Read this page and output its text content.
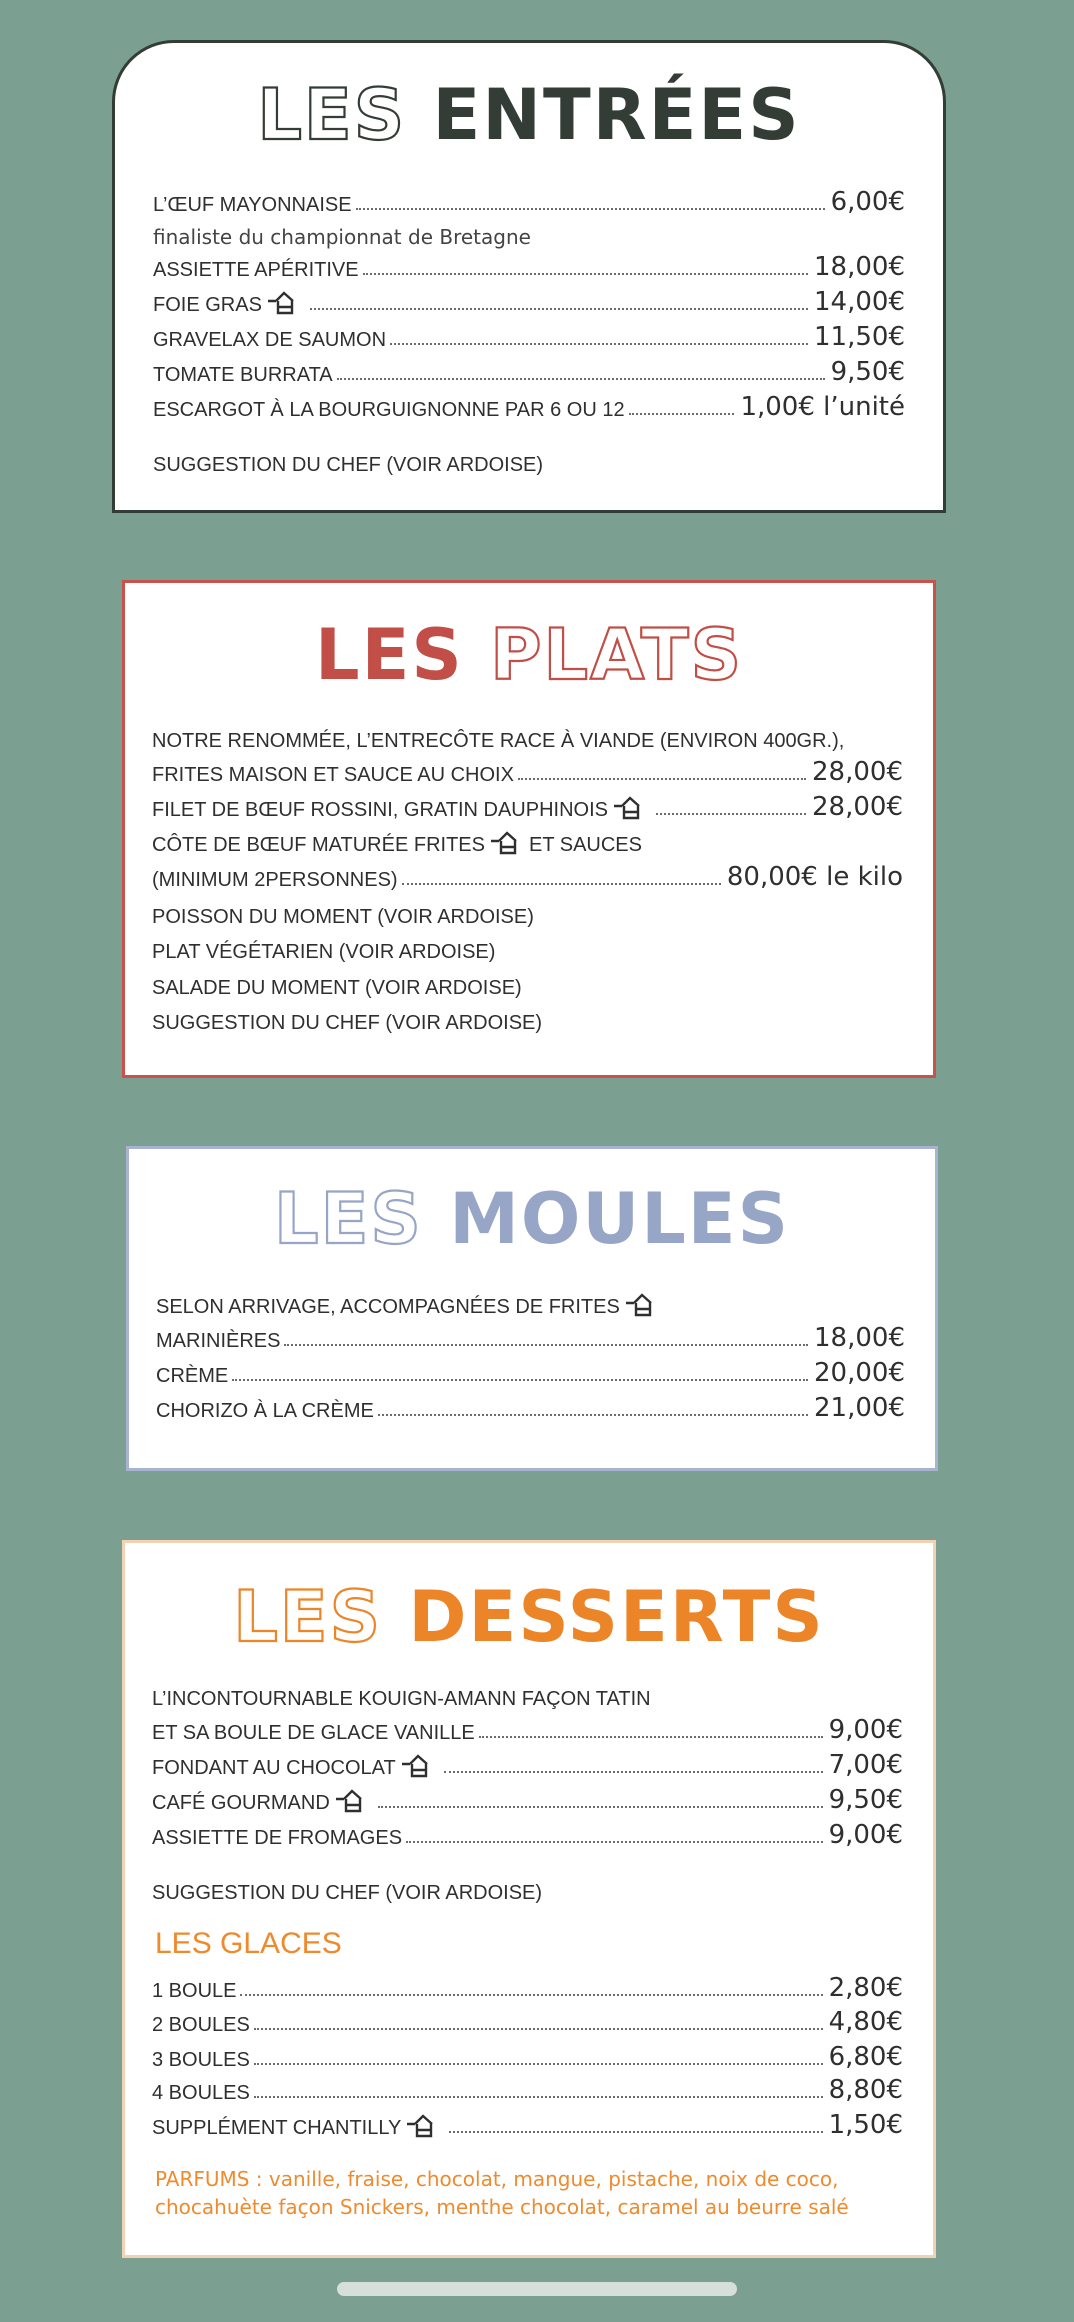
LES ENTRÉES
L’ŒUF MAYONNAISE	6,00€
finaliste du championnat de Bretagne
ASSIETTE APÉRITIVE	18,00€
FOIE GRAS	14,00€
GRAVELAX DE SAUMON	11,50€
TOMATE BURRATA	9,50€
ESCARGOT À LA BOURGUIGNONNE PAR 6 OU 12	1,00€ l’unité
SUGGESTION DU CHEF (VOIR ARDOISE)
LES PLATS
NOTRE RENOMMÉE, L’ENTRECÔTE RACE À VIANDE (ENVIRON 400GR.),
FRITES MAISON ET SAUCE AU CHOIX	28,00€
FILET DE BŒUF ROSSINI, GRATIN DAUPHINOIS	28,00€
CÔTE DE BŒUF MATURÉE FRITES ET SAUCES
(MINIMUM 2PERSONNES)	80,00€ le kilo
POISSON DU MOMENT (VOIR ARDOISE)
PLAT VÉGÉTARIEN (VOIR ARDOISE)
SALADE DU MOMENT (VOIR ARDOISE)
SUGGESTION DU CHEF (VOIR ARDOISE)
LES MOULES
SELON ARRIVAGE, ACCOMPAGNÉES DE FRITES
MARINIÈRES	18,00€
CRÈME	20,00€
CHORIZO À LA CRÈME	21,00€
LES DESSERTS
L’INCONTOURNABLE KOUIGN-AMANN FAÇON TATIN
ET SA BOULE DE GLACE VANILLE	9,00€
FONDANT AU CHOCOLAT	7,00€
CAFÉ GOURMAND	9,50€
ASSIETTE DE FROMAGES	9,00€
SUGGESTION DU CHEF (VOIR ARDOISE)
LES GLACES
1 BOULE	2,80€
2 BOULES	4,80€
3 BOULES	6,80€
4 BOULES	8,80€
SUPPLÉMENT CHANTILLY	1,50€
PARFUMS : vanille, fraise, chocolat, mangue, pistache, noix de coco,
chocahuète façon Snickers, menthe chocolat, caramel au beurre salé
